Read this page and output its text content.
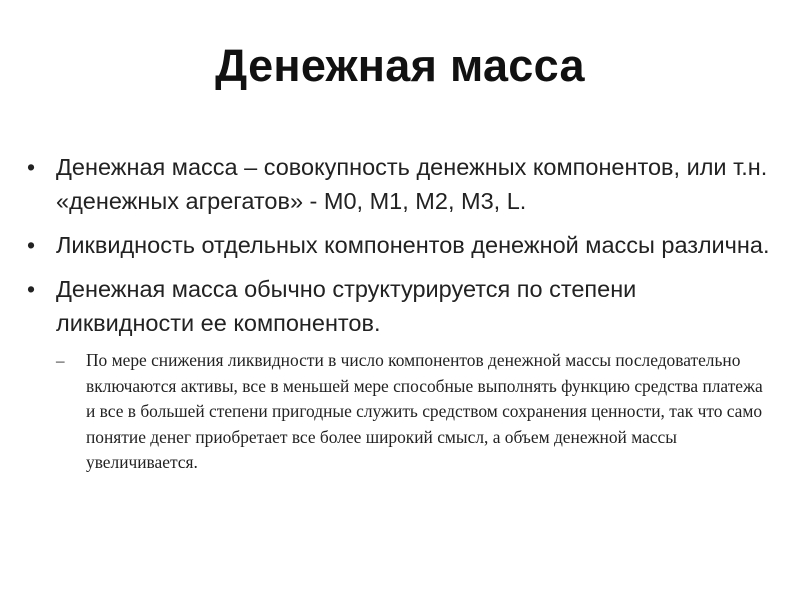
Денежная масса
• Денежная масса – совокупность денежных компонентов, или т.н. «денежных агрегатов» - М0, М1, М2, М3, L.
• Ликвидность отдельных компонентов денежной массы различна.
• Денежная масса обычно структурируется по степени ликвидности ее компонентов.
– По мере снижения ликвидности в число компонентов денежной массы последовательно включаются активы, все в меньшей мере способные выполнять функцию средства платежа и все в большей степени пригодные служить средством сохранения ценности, так что само понятие денег приобретает все более широкий смысл, а объем денежной массы увеличивается.
